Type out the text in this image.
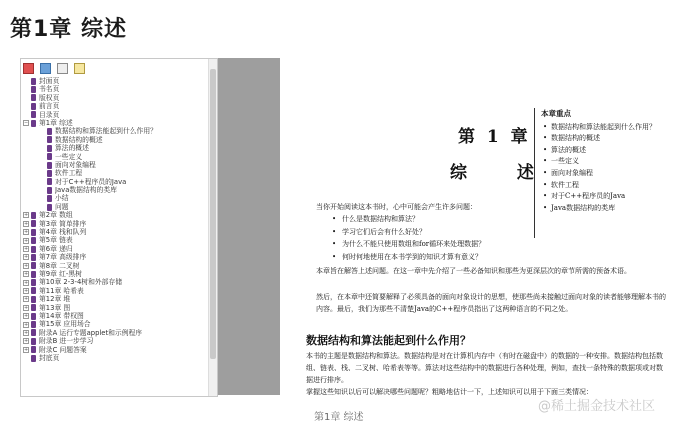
第1章 综述
封面页
书名页
版权页
前言页
目录页
− 第1章 综述
数据结构和算法能起到什么作用？
数据结构的概述
算法的概述
一些定义
面向对象编程
软件工程
对于C++程序员的Java
Java数据结构的类库
小结
问题
+ 第2章 数组
+ 第3章 简单排序
+ 第4章 栈和队列
+ 第5章 链表
+ 第6章 递归
+ 第7章 高级排序
+ 第8章 二叉树
+ 第9章 红-黑树
+ 第10章 2-3-4树和外部存储
+ 第11章 哈希表
+ 第12章 堆
+ 第13章 图
+ 第14章 带权图
+ 第15章 应用场合
+ 附录A 运行专题applet和示例程序
+ 附录B 进一步学习
+ 附录C 问题答案
封底页
第 1 章
综 述
本章重点
• 数据结构和算法能起到什么作用？
• 数据结构的概述
• 算法的概述
• 一些定义
• 面向对象编程
• 软件工程
• 对于C++程序员的Java
• Java数据结构的类库
当你开始阅读这本书时，心中可能会产生许多问题：
• 什么是数据结构和算法？
• 学习它们后会有什么好处？
• 为什么不能只使用数组和for循环来处理数据？
• 何时何地使用在本书学到的知识才算有意义？
本章旨在解答上述问题。在这一章中先介绍了一些必备知识和那些为更深层次的章节所需的预备术语。
然后，在本章中还简要解释了必须具备的面向对象设计的思想，使那些尚未接触过面向对象的读者能够理解本书的内容。最后，我们为那些不清楚Java的C++程序员指出了这两种语言的不同之处。
数据结构和算法能起到什么作用？
本书的主题是数据结构和算法。数据结构是对在计算机内存中（有时在磁盘中）的数据的一种安排。数据结构包括数组、链表、栈、二叉树、哈希表等等。算法对这些结构中的数据进行各种处理，例如，查找一条特殊的数据项或对数据进行排序。
掌握这些知识以后可以解决哪些问题呢？粗略地估计一下，上述知识可以用于下面三类情况：
第1章 综述
@稀土掘金技术社区
